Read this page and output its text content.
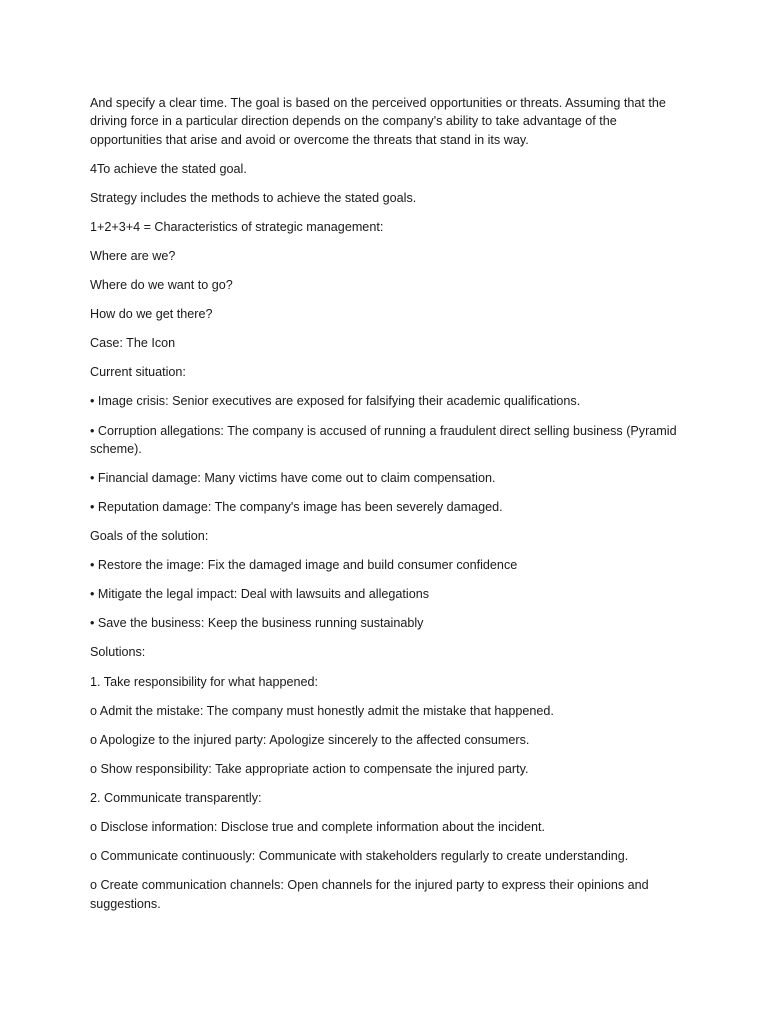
And specify a clear time. The goal is based on the perceived opportunities or threats. Assuming that the driving force in a particular direction depends on the company's ability to take advantage of the opportunities that arise and avoid or overcome the threats that stand in its way.

4To achieve the stated goal.

Strategy includes the methods to achieve the stated goals.

1+2+3+4 = Characteristics of strategic management:

Where are we?

Where do we want to go?

How do we get there?

Case: The Icon

Current situation:

• Image crisis: Senior executives are exposed for falsifying their academic qualifications.

• Corruption allegations: The company is accused of running a fraudulent direct selling business (Pyramid scheme).

• Financial damage: Many victims have come out to claim compensation.

• Reputation damage: The company's image has been severely damaged.

Goals of the solution:

• Restore the image: Fix the damaged image and build consumer confidence

• Mitigate the legal impact: Deal with lawsuits and allegations

• Save the business: Keep the business running sustainably

Solutions:

1. Take responsibility for what happened:

o Admit the mistake: The company must honestly admit the mistake that happened.

o Apologize to the injured party: Apologize sincerely to the affected consumers.

o Show responsibility: Take appropriate action to compensate the injured party.

2. Communicate transparently:

o Disclose information: Disclose true and complete information about the incident.

o Communicate continuously: Communicate with stakeholders regularly to create understanding.

o Create communication channels: Open channels for the injured party to express their opinions and suggestions.
